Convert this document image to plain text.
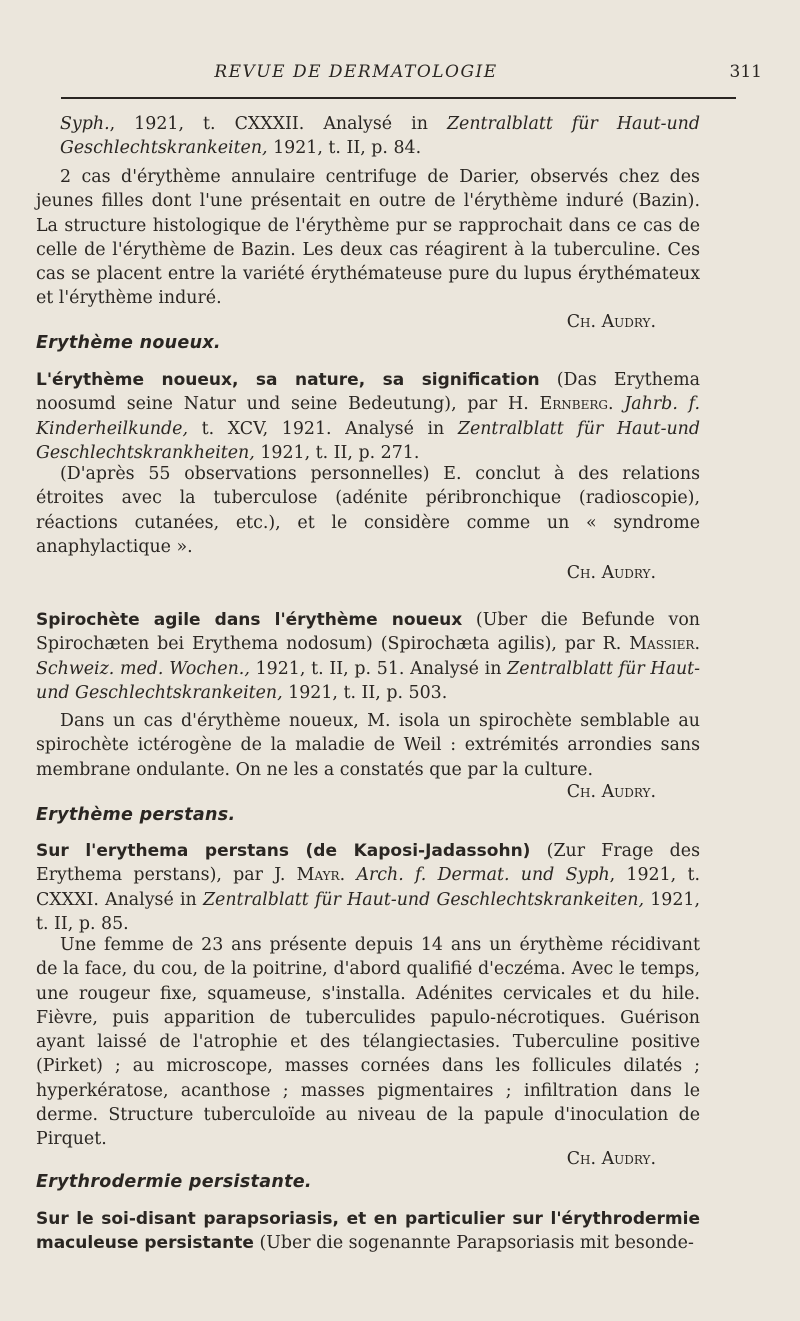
REVUE DE DERMATOLOGIE	311

Syph., 1921, t. CXXXII. Analysé in Zentralblatt für Haut-und Geschlechtskrankeiten, 1921, t. II, p. 84.

2 cas d'érythème annulaire centrifuge de Darier, observés chez des jeunes filles dont l'une présentait en outre de l'érythème induré (Bazin). La structure histologique de l'érythème pur se rapprochait dans ce cas de celle de l'érythème de Bazin. Les deux cas réagirent à la tuberculine. Ces cas se placent entre la variété érythémateuse pure du lupus érythémateux et l'érythème induré.

Ch. Audry.

Erythème noueux.

L'érythème noueux, sa nature, sa signification (Das Erythema noosumd seine Natur und seine Bedeutung), par H. Ernberg. Jahrb. f. Kinderheilkunde, t. XCV, 1921. Analysé in Zentralblatt für Haut-und Geschlechtskrankheiten, 1921, t. II, p. 271.

(D'après 55 observations personnelles) E. conclut à des relations étroites avec la tuberculose (adénite péribronchique (radioscopie), réactions cutanées, etc.), et le considère comme un « syndrome anaphylactique ».

Ch. Audry.

Spirochète agile dans l'érythème noueux (Uber die Befunde von Spirochæten bei Erythema nodosum) (Spirochæta agilis), par R. Massier. Schweiz. med. Wochen., 1921, t. II, p. 51. Analysé in Zentralblatt für Haut-und Geschlechtskrankeiten, 1921, t. II, p. 503.

Dans un cas d'érythème noueux, M. isola un spirochète semblable au spirochète ictérogène de la maladie de Weil : extrémités arrondies sans membrane ondulante. On ne les a constatés que par la culture.

Ch. Audry.

Erythème perstans.

Sur l'erythema perstans (de Kaposi-Jadassohn) (Zur Frage des Erythema perstans), par J. Mayr. Arch. f. Dermat. und Syph, 1921, t. CXXXI. Analysé in Zentralblatt für Haut-und Geschlechtskrankeiten, 1921, t. II, p. 85.

Une femme de 23 ans présente depuis 14 ans un érythème récidivant de la face, du cou, de la poitrine, d'abord qualifié d'eczéma. Avec le temps, une rougeur fixe, squameuse, s'installa. Adénites cervicales et du hile. Fièvre, puis apparition de tuberculides papulo-nécrotiques. Guérison ayant laissé de l'atrophie et des télangiectasies. Tuberculine positive (Pirket) ; au microscope, masses cornées dans les follicules dilatés ; hyperkératose, acanthose ; masses pigmentaires ; infiltration dans le derme. Structure tuberculoïde au niveau de la papule d'inoculation de Pirquet.

Ch. Audry.

Erythrodermie persistante.

Sur le soi-disant parapsoriasis, et en particulier sur l'érythrodermie maculeuse persistante (Uber die sogenannte Parapsoriasis mit besonde-
